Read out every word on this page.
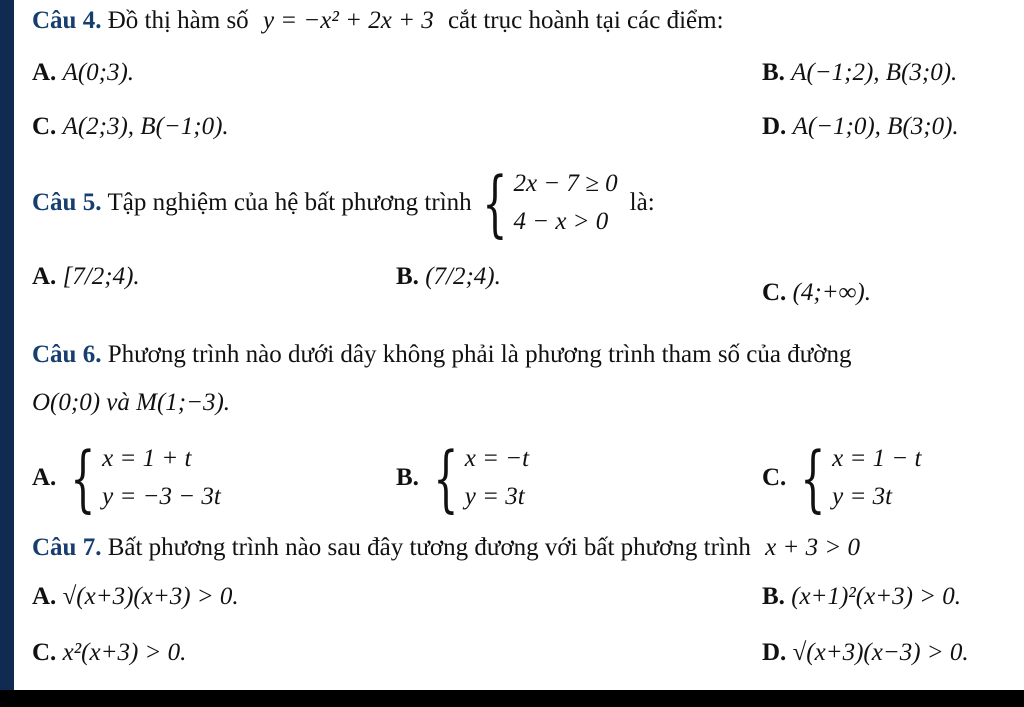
Câu 4. Đồ thị hàm số y = −x² + 2x + 3 cắt trục hoành tại các điểm:
A. A(0;3).	B. A(−1;2), B(3;0).
C. A(2;3), B(−1;0).	D. A(−1;0), B(3;0).
Câu 5. Tập nghiệm của hệ bất phương trình { 2x − 7 ≥ 0
4 − x > 0
là:
A. [7/2;4).	B. (7/2;4).
C. (4;+∞).
Câu 6. Phương trình nào dưới dây không phải là phương trình tham số của đường
O(0;0) và M(1;−3).
A. { x = 1 + t
y = −3 − 3t
B. { x = −t
y = 3t
C. { x = 1 − t
y = 3t
Câu 7. Bất phương trình nào sau đây tương đương với bất phương trình x + 3 > 0
A. √(x+3)(x+3) > 0.	B. (x+1)²(x+3) > 0.
C. x²(x+3) > 0.	D. √(x+3)(x−3) > 0.
